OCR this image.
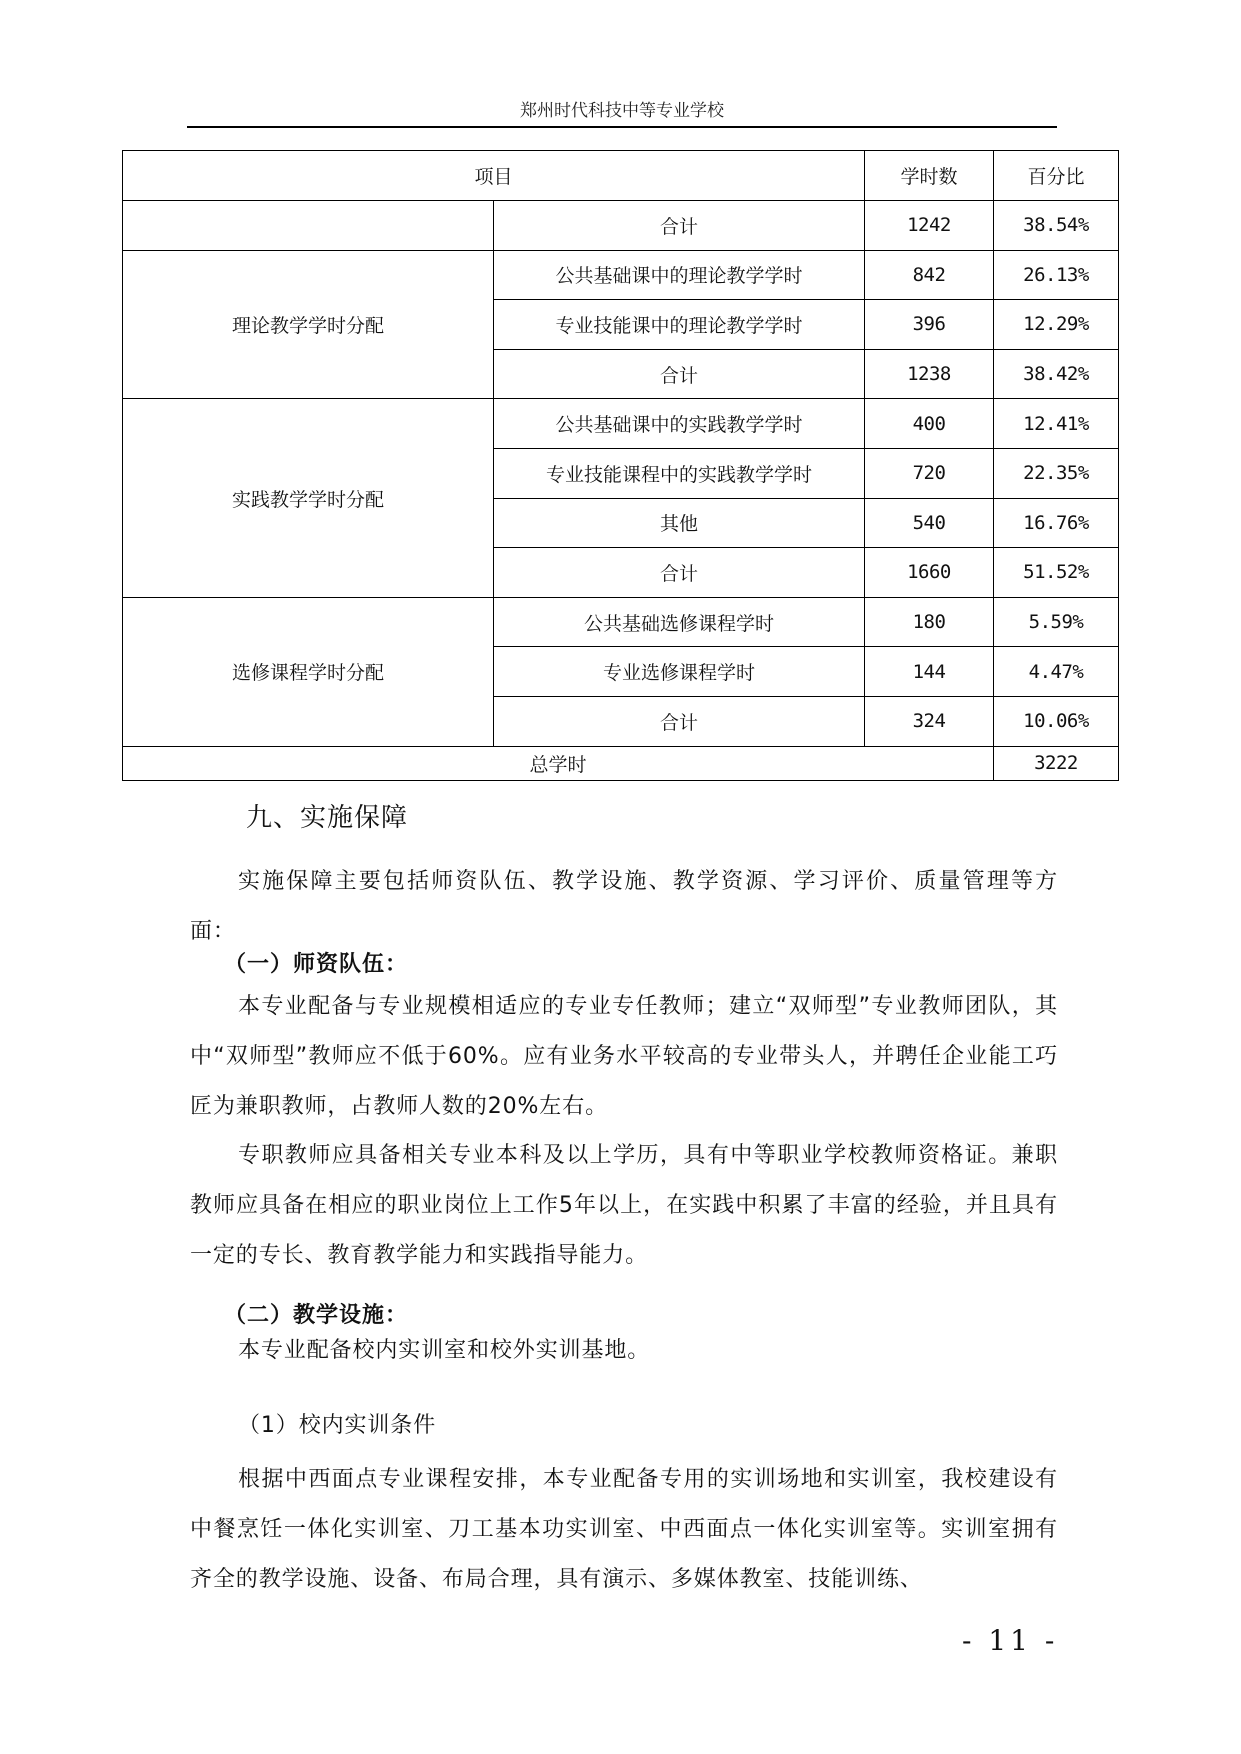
郑州时代科技中等专业学校
项目		学时数	百分比
	合计	1242	38.54%
理论教学学时分配	公共基础课中的理论教学学时	842	26.13%
	专业技能课中的理论教学学时	396	12.29%
	合计	1238	38.42%
实践教学学时分配	公共基础课中的实践教学学时	400	12.41%
	专业技能课程中的实践教学学时	720	22.35%
	其他	540	16.76%
	合计	1660	51.52%
选修课程学时分配	公共基础选修课程学时	180	5.59%
	专业选修课程学时	144	4.47%
	合计	324	10.06%
总学时			3222
九、实施保障
实施保障主要包括师资队伍、教学设施、教学资源、学习评价、质量管理等方面：
（一）师资队伍：
本专业配备与专业规模相适应的专业专任教师；建立“双师型”专业教师团队，其中“双师型”教师应不低于60%。应有业务水平较高的专业带头人，并聘任企业能工巧匠为兼职教师，占教师人数的20%左右。
专职教师应具备相关专业本科及以上学历，具有中等职业学校教师资格证。兼职教师应具备在相应的职业岗位上工作5年以上，在实践中积累了丰富的经验，并且具有一定的专长、教育教学能力和实践指导能力。
（二）教学设施：
本专业配备校内实训室和校外实训基地。
（1）校内实训条件
根据中西面点专业课程安排，本专业配备专用的实训场地和实训室，我校建设有中餐烹饪一体化实训室、刀工基本功实训室、中西面点一体化实训室等。实训室拥有齐全的教学设施、设备、布局合理，具有演示、多媒体教室、技能训练、
- 11 -
